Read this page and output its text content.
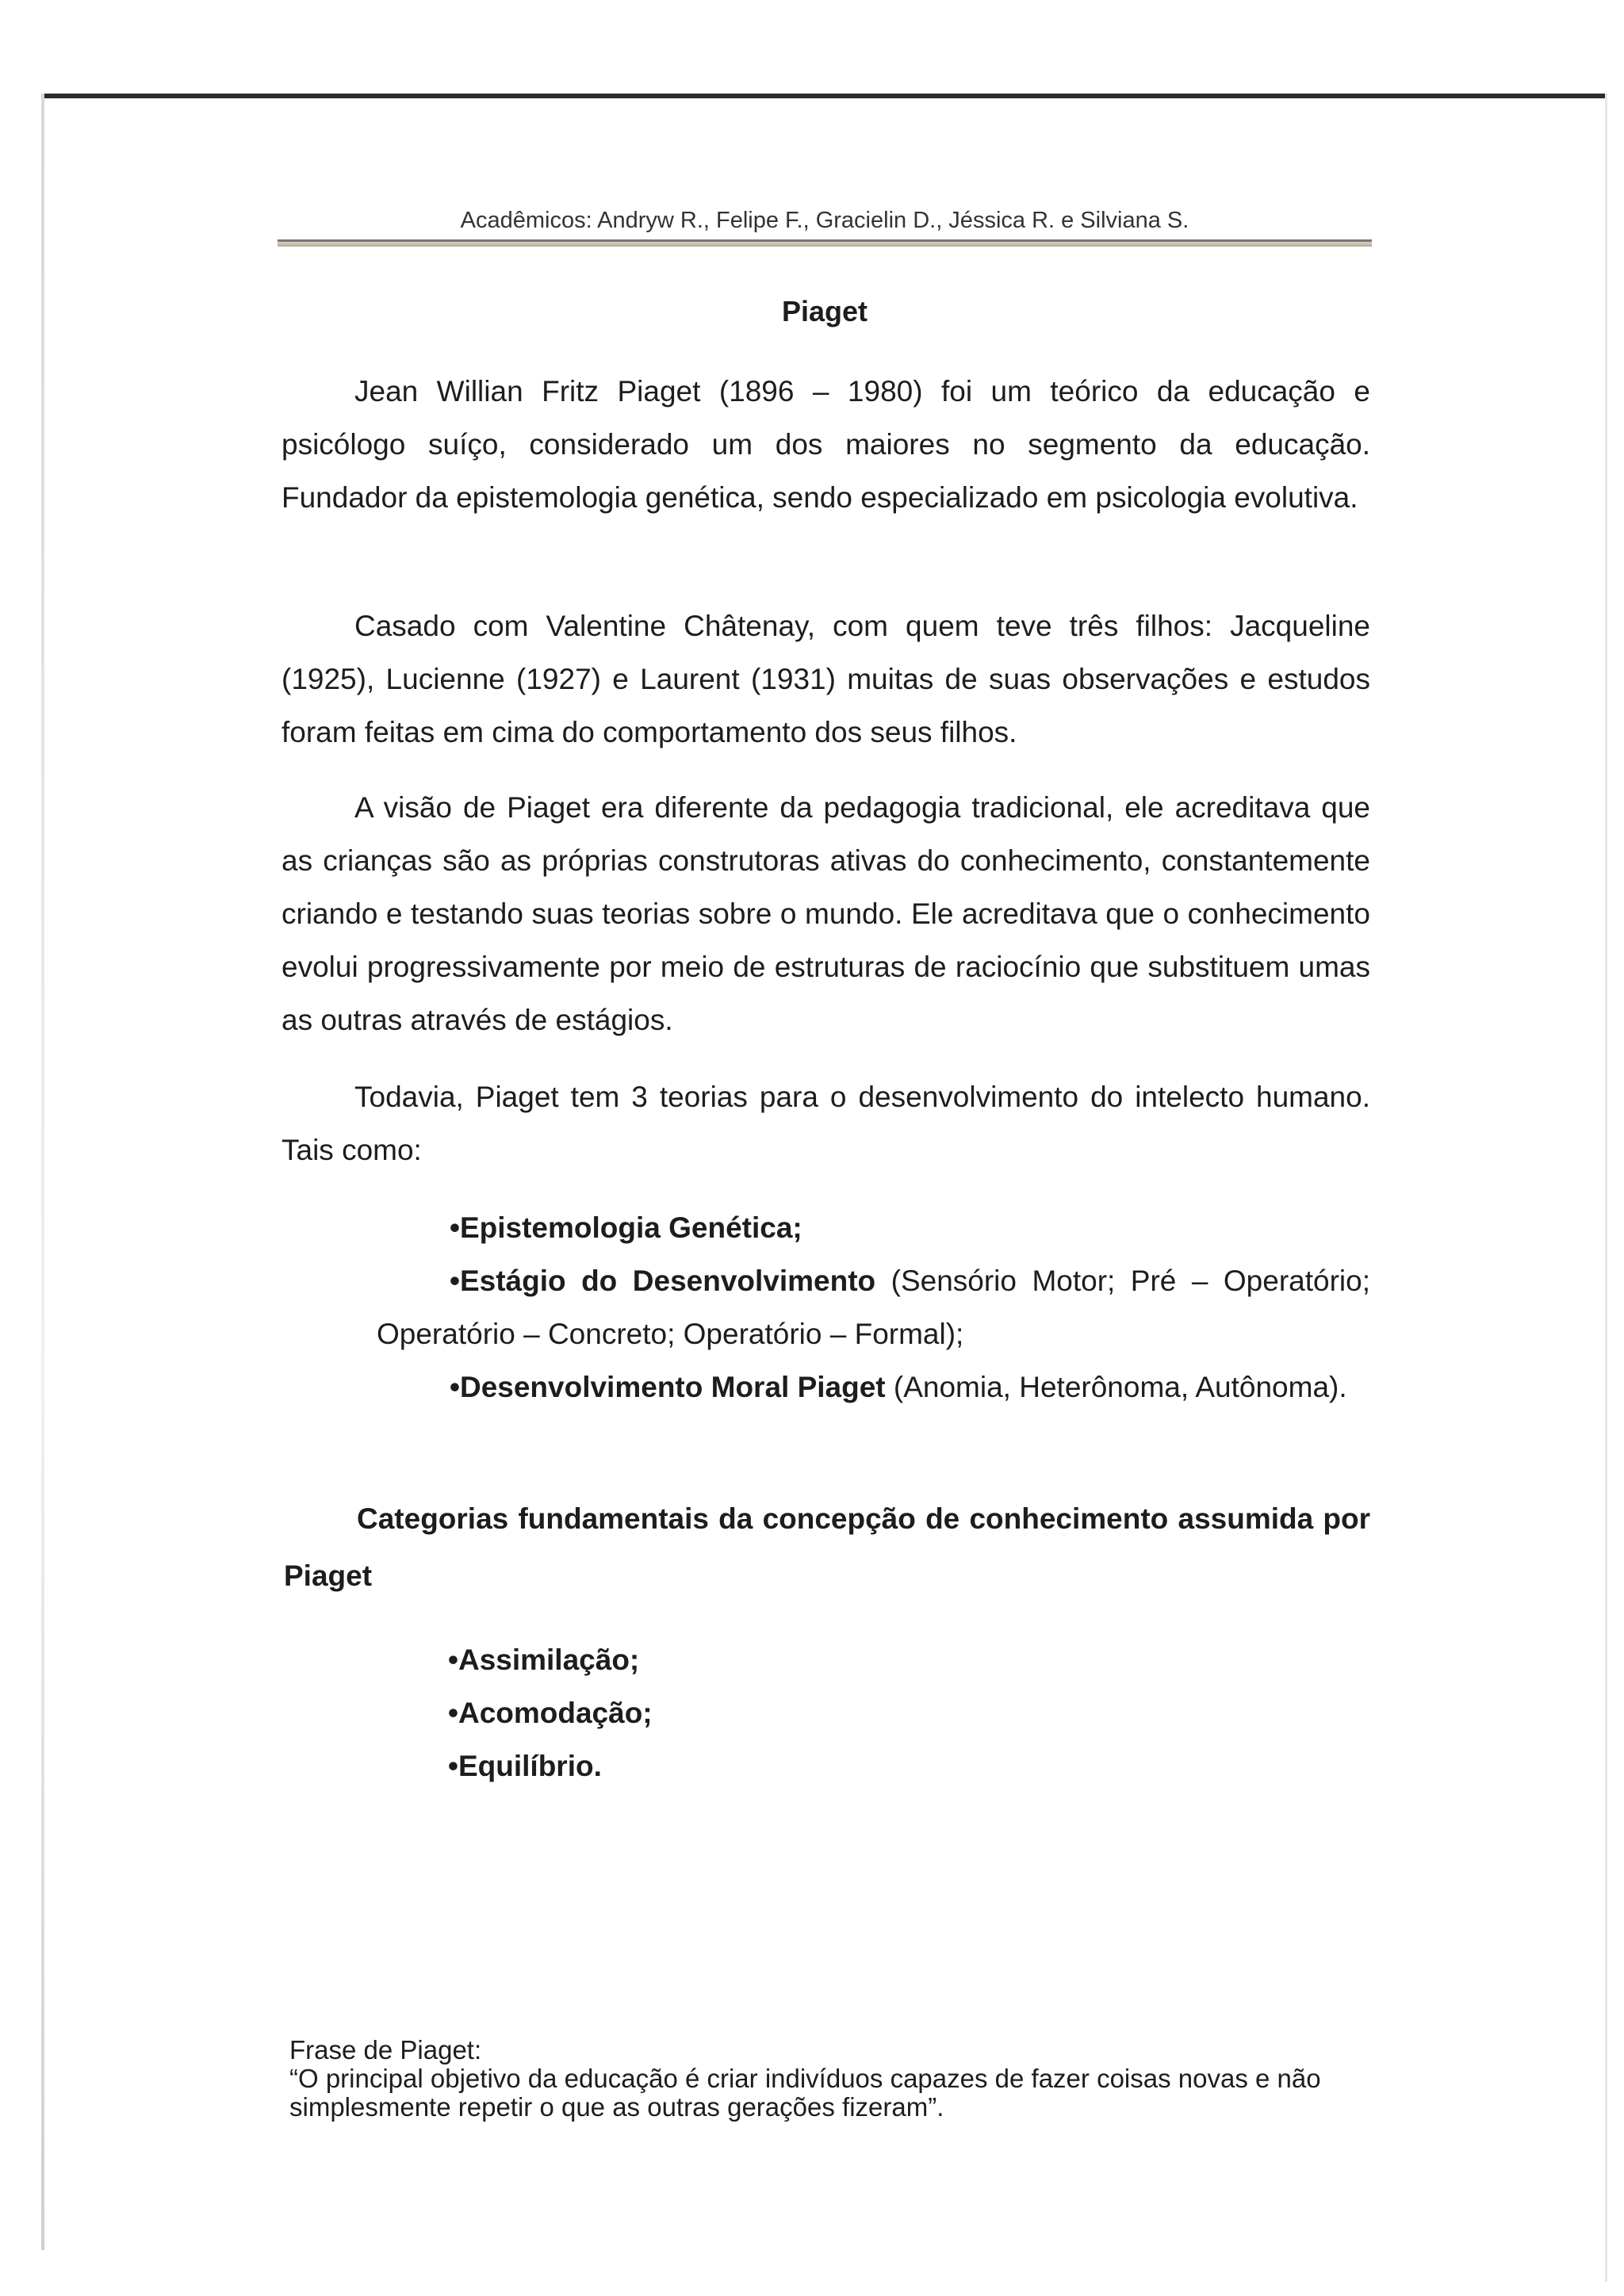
Acadêmicos: Andryw R., Felipe F., Gracielin D., Jéssica R. e Silviana S.
Piaget

Jean Willian Fritz Piaget (1896 – 1980) foi um teórico da educação e psicólogo suíço, considerado um dos maiores no segmento da educação. Fundador da epistemologia genética, sendo especializado em psicologia evolutiva.

Casado com Valentine Châtenay, com quem teve três filhos: Jacqueline (1925), Lucienne (1927) e Laurent (1931) muitas de suas observações e estudos foram feitas em cima do comportamento dos seus filhos.

A visão de Piaget era diferente da pedagogia tradicional, ele acreditava que as crianças são as próprias construtoras ativas do conhecimento, constantemente criando e testando suas teorias sobre o mundo. Ele acreditava que o conhecimento evolui progressivamente por meio de estruturas de raciocínio que substituem umas as outras através de estágios.

Todavia, Piaget tem 3 teorias para o desenvolvimento do intelecto humano. Tais como:

•Epistemologia Genética;
•Estágio do Desenvolvimento (Sensório Motor; Pré – Operatório; Operatório – Concreto; Operatório – Formal);
•Desenvolvimento Moral Piaget (Anomia, Heterônoma, Autônoma).

Categorias fundamentais da concepção de conhecimento assumida por Piaget

•Assimilação;
•Acomodação;
•Equilíbrio.
Frase de Piaget:
“O principal objetivo da educação é criar indivíduos capazes de fazer coisas novas e não simplesmente repetir o que as outras gerações fizeram”.
